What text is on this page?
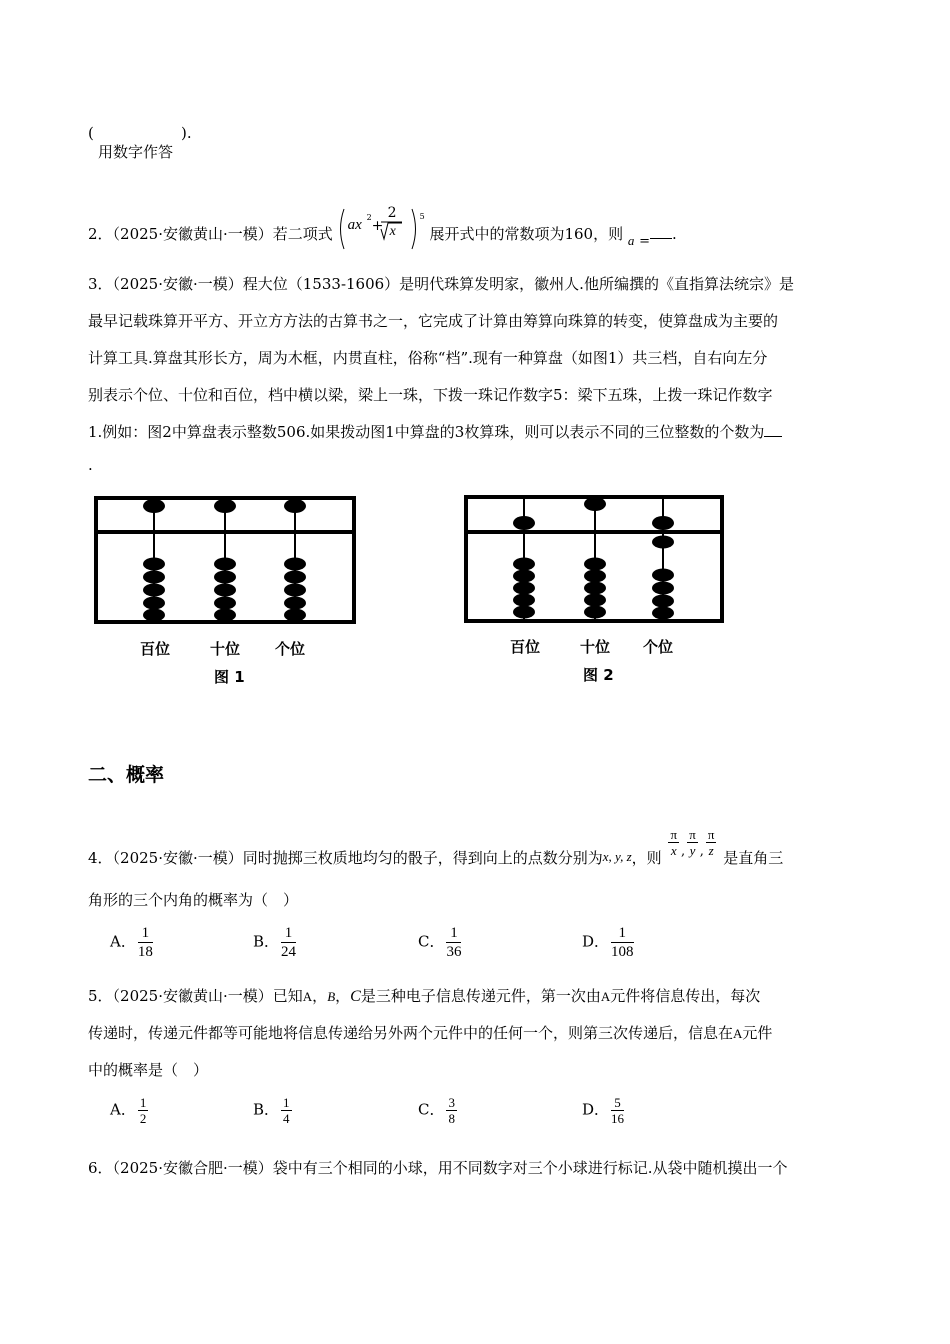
(
用数字作答
).
2．（2025·安徽黄山·一模）若二项式 ax 2
+
2
x
$^5$ 展开式中的常数项为160，则 a = .
3．（2025·安徽·一模）程大位（1533-1606）是明代珠算发明家，徽州人.他所编撰的《直指算法统宗》是
最早记载珠算开平方、开立方方法的古算书之一，它完成了计算由筹算向珠算的转变，使算盘成为主要的
计算工具.算盘其形长方，周为木框，内贯直柱，俗称“档”.现有一种算盘（如图1）共三档，自右向左分
别表示个位、十位和百位，档中横以梁，梁上一珠，下拨一珠记作数字5：梁下五珠，上拨一珠记作数字
1.例如：图2中算盘表示整数506.如果拨动图1中算盘的3枚算珠，则可以表示不同的三位整数的个数为
.
百位	十位 个位
图 1
百位	十位 个位
图 2
二、概率
4．（2025·安徽·一模）同时抛掷三枚质地均匀的骰子，得到向上的点数分别为x, y, z，则 $\frac{\pi}{x}$ , $\frac{\pi}{y}$ , $\frac{\pi}{z}$ 是直角三
角形的三个内角的概率为（　）
A． $\frac{1}{18}$	B． $\frac{1}{24}$	C． $\frac{1}{36}$	D． $\frac{1}{108}$
5．（2025·安徽黄山·一模）已知A，B，C是三种电子信息传递元件，第一次由A元件将信息传出，每次
传递时，传递元件都等可能地将信息传递给另外两个元件中的任何一个，则第三次传递后，信息在A元件
中的概率是（　）
A． $\frac{1}{2}$	B． $\frac{1}{4}$	C． $\frac{3}{8}$	D． $\frac{5}{16}$
6．（2025·安徽合肥·一模）袋中有三个相同的小球，用不同数字对三个小球进行标记.从袋中随机摸出一个
